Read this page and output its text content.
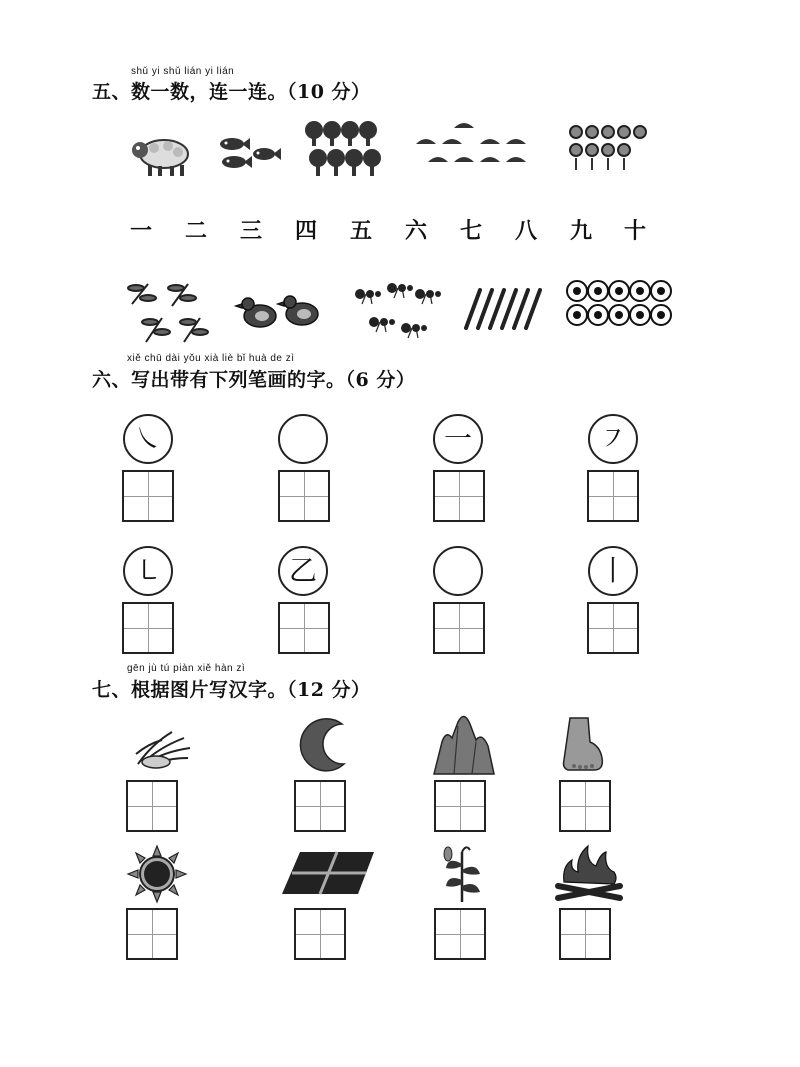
shǔ yi shǔ lián yi lián
五、数一数，连一连。（10 分）
一 二 三 四 五 六 七 八 九 十
xiě chū dài yǒu xià liè bǐ huà de zì
六、写出带有下列笔画的字。（6 分）
㇏	一	㇇
㇄	乙	丨
gēn jù tú piàn xiě hàn zì
七、根据图片写汉字。（12 分）
